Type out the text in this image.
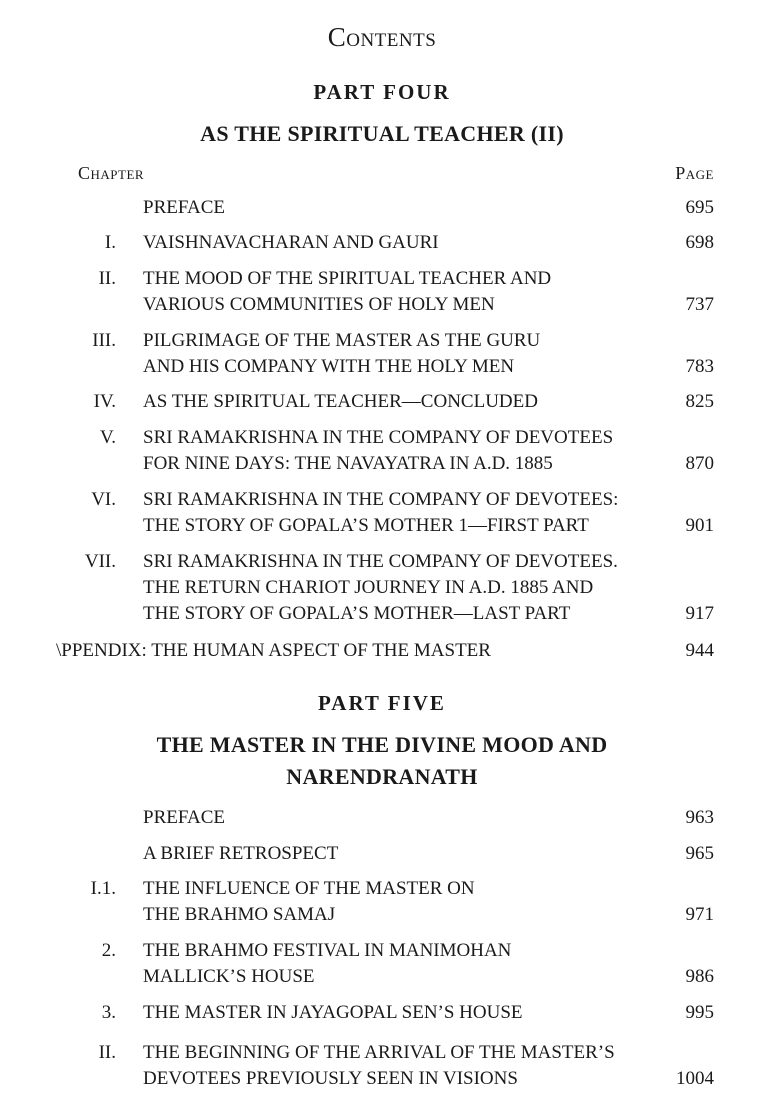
Contents
PART FOUR
AS THE SPIRITUAL TEACHER (II)
Chapter	Page
PREFACE	695
I. VAISHNAVACHARAN AND GAURI	698
II. THE MOOD OF THE SPIRITUAL TEACHER AND
VARIOUS COMMUNITIES OF HOLY MEN	737
III. PILGRIMAGE OF THE MASTER AS THE GURU
AND HIS COMPANY WITH THE HOLY MEN	783
IV. AS THE SPIRITUAL TEACHER—CONCLUDED	825
V. SRI RAMAKRISHNA IN THE COMPANY OF DEVOTEES
FOR NINE DAYS: THE NAVAYATRA IN A.D. 1885	870
VI. SRI RAMAKRISHNA IN THE COMPANY OF DEVOTEES:
THE STORY OF GOPALA’S MOTHER 1—FIRST PART	901
VII. SRI RAMAKRISHNA IN THE COMPANY OF DEVOTEES.
THE RETURN CHARIOT JOURNEY IN A.D. 1885 AND
THE STORY OF GOPALA’S MOTHER—LAST PART	917
\PPENDIX: THE HUMAN ASPECT OF THE MASTER	944
PART FIVE
THE MASTER IN THE DIVINE MOOD AND
NARENDRANATH
PREFACE	963
A BRIEF RETROSPECT	965
I.1. THE INFLUENCE OF THE MASTER ON
THE BRAHMO SAMAJ	971
2. THE BRAHMO FESTIVAL IN MANIMOHAN
MALLICK’S HOUSE	986
3. THE MASTER IN JAYAGOPAL SEN’S HOUSE	995
II. THE BEGINNING OF THE ARRIVAL OF THE MASTER’S
DEVOTEES PREVIOUSLY SEEN IN VISIONS	1004
